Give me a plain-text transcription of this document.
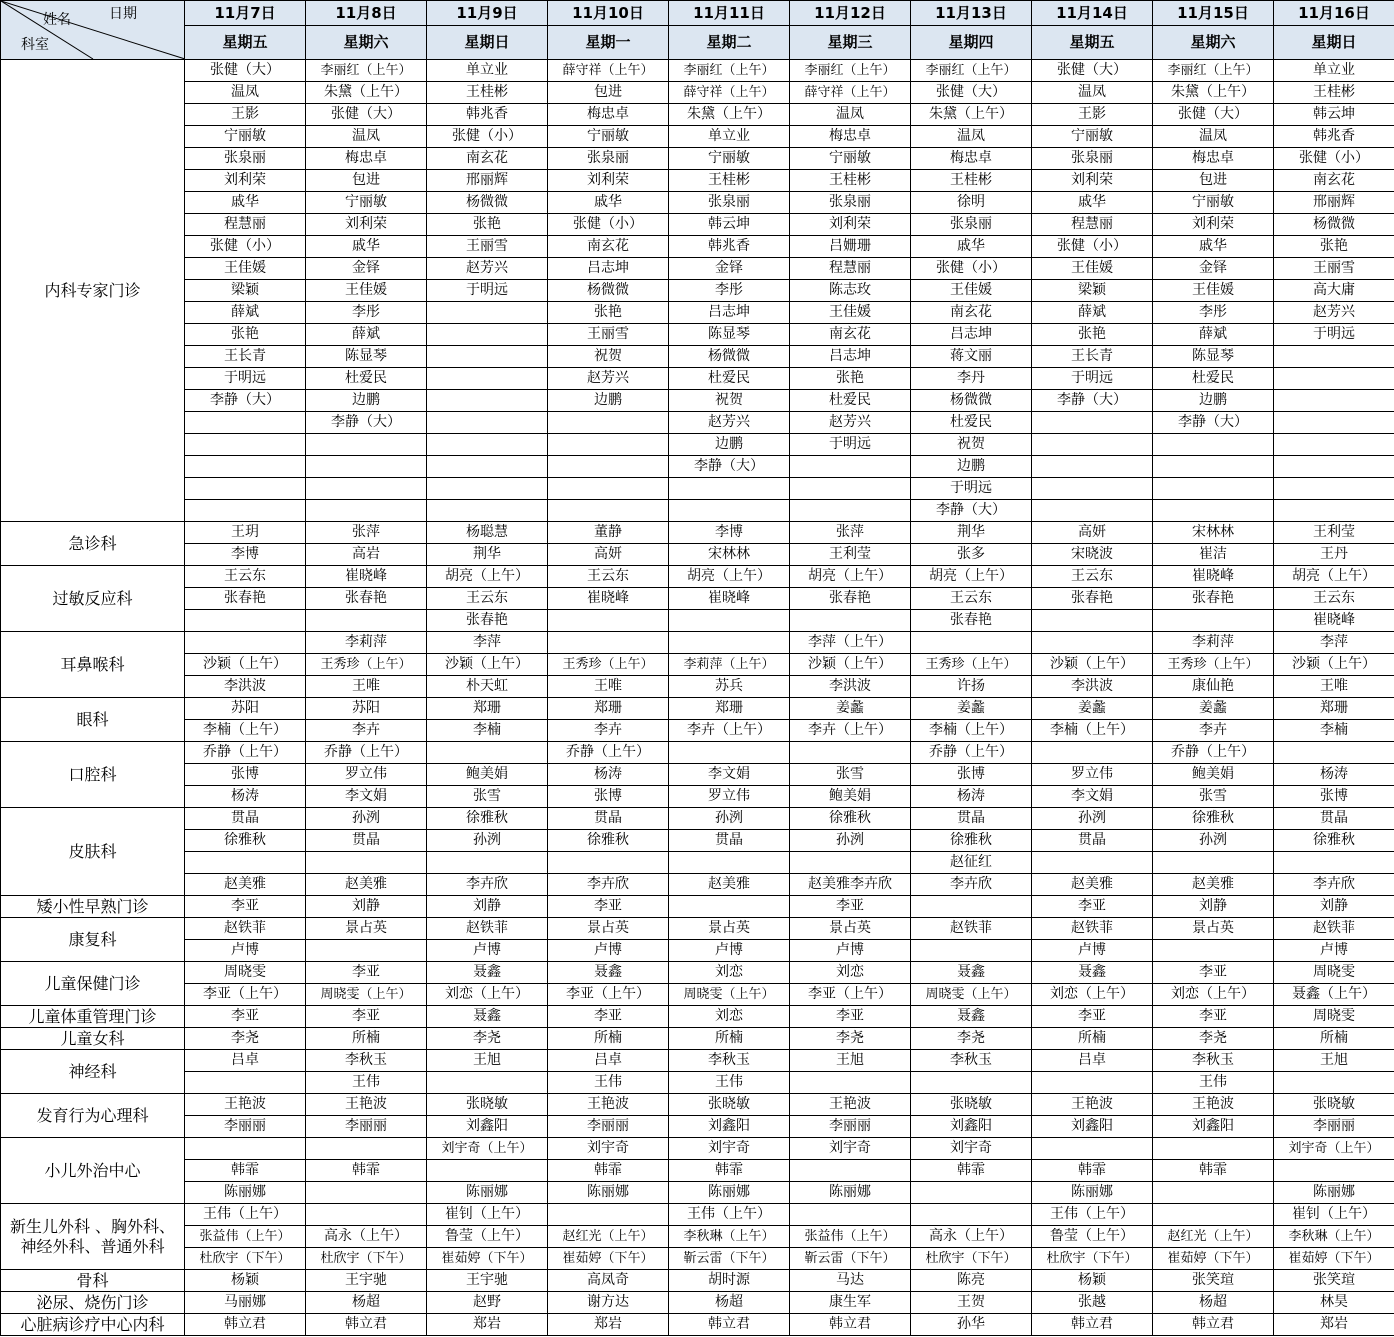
日期
姓名
科室	11月7日	11月8日	11月9日	11月10日	11月11日	11月12日	11月13日	11月14日	11月15日	11月16日
	星期五	星期六	星期日	星期一	星期二	星期三	星期四	星期五	星期六	星期日
内科专家门诊	张健（大）	李丽红（上午）	单立业	薛守祥（上午）	李丽红（上午）	李丽红（上午）	李丽红（上午）	张健（大）	李丽红（上午）	单立业
	温凤	朱黛（上午）	王桂彬	包进	薛守祥（上午）	薛守祥（上午）	张健（大）	温凤	朱黛（上午）	王桂彬
	王影	张健（大）	韩兆香	梅忠卓	朱黛（上午）	温凤	朱黛（上午）	王影	张健（大）	韩云坤
	宁丽敏	温凤	张健（小）	宁丽敏	单立业	梅忠卓	温凤	宁丽敏	温凤	韩兆香
	张泉丽	梅忠卓	南玄花	张泉丽	宁丽敏	宁丽敏	梅忠卓	张泉丽	梅忠卓	张健（小）
	刘利荣	包进	邢丽辉	刘利荣	王桂彬	王桂彬	王桂彬	刘利荣	包进	南玄花
	戚华	宁丽敏	杨微微	戚华	张泉丽	张泉丽	徐明	戚华	宁丽敏	邢丽辉
	程慧丽	刘利荣	张艳	张健（小）	韩云坤	刘利荣	张泉丽	程慧丽	刘利荣	杨微微
	张健（小）	戚华	王丽雪	南玄花	韩兆香	吕姗珊	戚华	张健（小）	戚华	张艳
	王佳媛	金铎	赵芳兴	吕志坤	金铎	程慧丽	张健（小）	王佳媛	金铎	王丽雪
	梁颖	王佳媛	于明远	杨微微	李彤	陈志玫	王佳媛	梁颖	王佳媛	高大庸
	薛斌	李彤		张艳	吕志坤	王佳媛	南玄花	薛斌	李彤	赵芳兴
	张艳	薛斌		王丽雪	陈显琴	南玄花	吕志坤	张艳	薛斌	于明远
	王长青	陈显琴		祝贺	杨微微	吕志坤	蒋文丽	王长青	陈显琴	
	于明远	杜爱民		赵芳兴	杜爱民	张艳	李丹	于明远	杜爱民	
	李静（大）	边鹏		边鹏	祝贺	杜爱民	杨微微	李静（大）	边鹏	
		李静（大）			赵芳兴	赵芳兴	杜爱民		李静（大）	
					边鹏	于明远	祝贺			
					李静（大）		边鹏			
							于明远			
							李静（大）			
急诊科	王玥	张萍	杨聪慧	董静	李博	张萍	荆华	高妍	宋林林	王利莹
	李博	高岩	荆华	高妍	宋林林	王利莹	张多	宋晓波	崔洁	王丹
过敏反应科	王云东	崔晓峰	胡亮（上午）	王云东	胡亮（上午）	胡亮（上午）	胡亮（上午）	王云东	崔晓峰	胡亮（上午）
	张春艳	张春艳	王云东	崔晓峰	崔晓峰	张春艳	王云东	张春艳	张春艳	王云东
			张春艳				张春艳			崔晓峰
耳鼻喉科		李莉萍	李萍			李萍（上午）			李莉萍	李萍
	沙颖（上午）	王秀珍（上午）	沙颖（上午）	王秀珍（上午）	李莉萍（上午）	沙颖（上午）	王秀珍（上午）	沙颖（上午）	王秀珍（上午）	沙颖（上午）
	李洪波	王唯	朴天虹	王唯	苏兵	李洪波	许扬	李洪波	康仙艳	王唯
眼科	苏阳	苏阳	郑珊	郑珊	郑珊	姜蠡	姜蠡	姜蠡	姜蠡	郑珊
	李楠（上午）	李卉	李楠	李卉	李卉（上午）	李卉（上午）	李楠（上午）	李楠（上午）	李卉	李楠
口腔科	乔静（上午）	乔静（上午）		乔静（上午）			乔静（上午）		乔静（上午）	
	张博	罗立伟	鲍美娟	杨涛	李文娟	张雪	张博	罗立伟	鲍美娟	杨涛
	杨涛	李文娟	张雪	张博	罗立伟	鲍美娟	杨涛	李文娟	张雪	张博
皮肤科	贯晶	孙洌	徐雅秋	贯晶	孙洌	徐雅秋	贯晶	孙洌	徐雅秋	贯晶
	徐雅秋	贯晶	孙洌	徐雅秋	贯晶	孙洌	徐雅秋	贯晶	孙洌	徐雅秋
							赵征红			
	赵美雅	赵美雅	李卉欣	李卉欣	赵美雅	赵美雅李卉欣	李卉欣	赵美雅	赵美雅	李卉欣
矮小性早熟门诊	李亚	刘静	刘静	李亚		李亚		李亚	刘静	刘静
康复科	赵铁菲	景占英	赵铁菲	景占英	景占英	景占英	赵铁菲	赵铁菲	景占英	赵铁菲
	卢博		卢博	卢博	卢博	卢博		卢博		卢博
儿童保健门诊	周晓雯	李亚	聂鑫	聂鑫	刘恋	刘恋	聂鑫	聂鑫	李亚	周晓雯
	李亚（上午）	周晓雯（上午）	刘恋（上午）	李亚（上午）	周晓雯（上午）	李亚（上午）	周晓雯（上午）	刘恋（上午）	刘恋（上午）	聂鑫（上午）
儿童体重管理门诊	李亚	李亚	聂鑫	李亚	刘恋	李亚	聂鑫	李亚	李亚	周晓雯
儿童女科	李尧	所楠	李尧	所楠	所楠	李尧	李尧	所楠	李尧	所楠
神经科	吕卓	李秋玉	王旭	吕卓	李秋玉	王旭	李秋玉	吕卓	李秋玉	王旭
		王伟		王伟	王伟				王伟	
发育行为心理科	王艳波	王艳波	张晓敏	王艳波	张晓敏	王艳波	张晓敏	王艳波	王艳波	张晓敏
	李丽丽	李丽丽	刘鑫阳	李丽丽	刘鑫阳	李丽丽	刘鑫阳	刘鑫阳	刘鑫阳	李丽丽
小儿外治中心			刘宇奇（上午）	刘宇奇	刘宇奇	刘宇奇	刘宇奇			刘宇奇（上午）
	韩霏	韩霏		韩霏	韩霏		韩霏	韩霏	韩霏	
	陈丽娜		陈丽娜	陈丽娜	陈丽娜	陈丽娜		陈丽娜		陈丽娜

新生儿外科 、胸外科、
神经外科、普通外科	王伟（上午）		崔钊（上午）		王伟（上午）			王伟（上午）		崔钊（上午）
	张益伟（上午）	高永（上午）	鲁莹（上午）	赵红光（上午）	李秋琳（上午）	张益伟（上午）	高永（上午）	鲁莹（上午）	赵红光（上午）	李秋琳（上午）
	杜欣宇（下午）	杜欣宇（下午）	崔茹婷（下午）	崔茹婷（下午）	靳云雷（下午）	靳云雷（下午）	杜欣宇（下午）	杜欣宇（下午）	崔茹婷（下午）	崔茹婷（下午）
骨科	杨颖	王宇驰	王宇驰	高凤奇	胡时源	马达	陈亮	杨颖	张笑瑄	张笑瑄
泌尿、烧伤门诊	马丽娜	杨超	赵野	谢方达	杨超	康生军	王贺	张越	杨超	林昊
心脏病诊疗中心内科	韩立君	韩立君	郑岩	郑岩	韩立君	韩立君	孙华	韩立君	韩立君	郑岩
